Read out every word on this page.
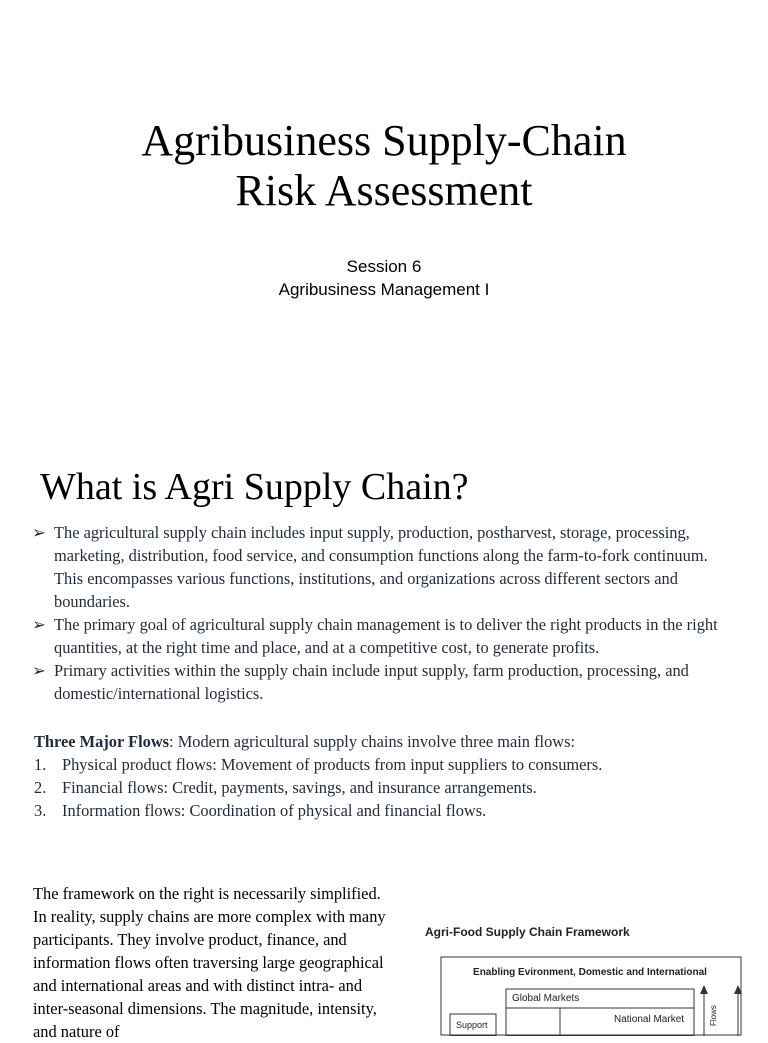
Agribusiness Supply-Chain
Risk Assessment
Session 6
Agribusiness Management I
What is Agri Supply Chain?
➢ The agricultural supply chain includes input supply, production, postharvest, storage, processing, marketing, distribution, food service, and consumption functions along the farm-to-fork continuum. This encompasses various functions, institutions, and organizations across different sectors and boundaries.
➢ The primary goal of agricultural supply chain management is to deliver the right products in the right quantities, at the right time and place, and at a competitive cost, to generate profits.
➢ Primary activities within the supply chain include input supply, farm production, processing, and domestic/international logistics.
Three Major Flows: Modern agricultural supply chains involve three main flows:
1. Physical product flows: Movement of products from input suppliers to consumers.
2. Financial flows: Credit, payments, savings, and insurance arrangements.
3. Information flows: Coordination of physical and financial flows.

The framework on the right is necessarily simplified. In reality, supply chains are more complex with many participants. They involve product, finance, and information flows often traversing large geographical and international areas and with distinct intra- and inter-seasonal dimensions. The magnitude, intensity, and nature of

Agri-Food Supply Chain Framework
Enabling Evironment, Domestic and International
Global Markets
Support	National Market	Flows
